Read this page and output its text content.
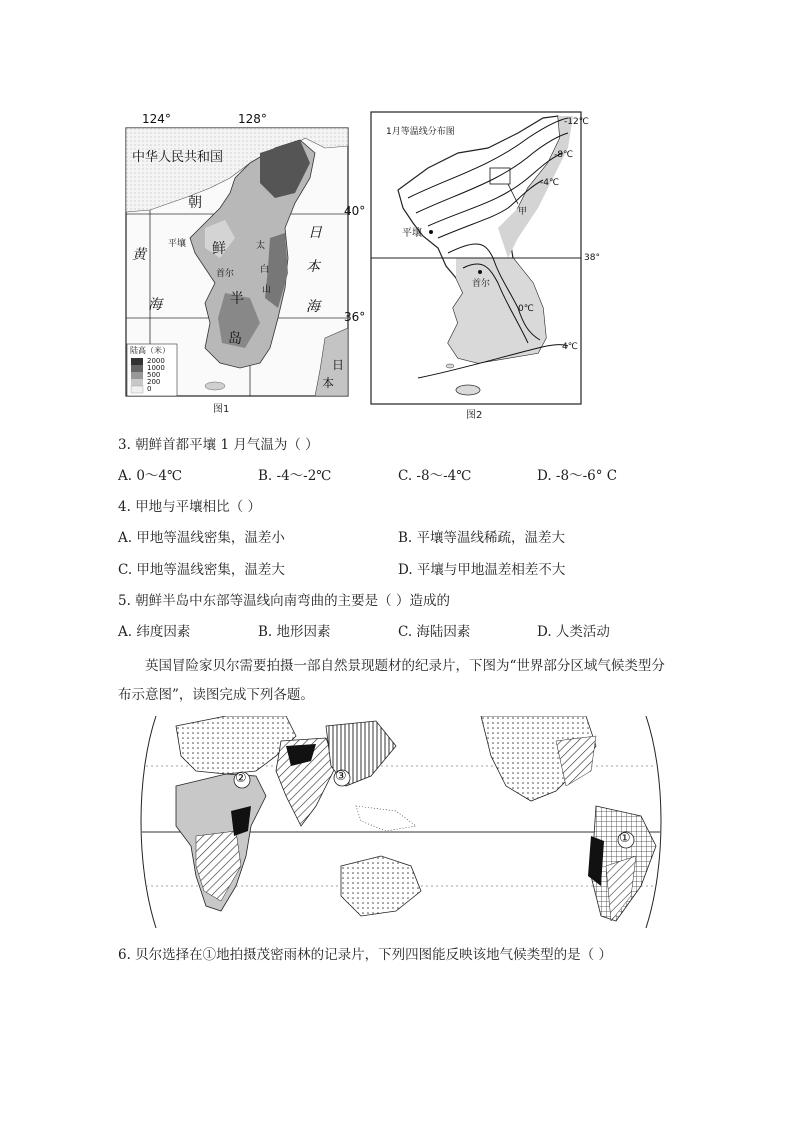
124°	128°
40°
36°
中华人民共和国
朝
鲜
半
岛
黄
海
日
本
海
日
本
平壤
首尔
太
白
山
陆高（米）
2000
1000
500
200
0
图1
1月等温线分布图
-12℃
-8℃
-4℃
0℃
4℃
38°
平壤
首尔
甲
图2
3. 朝鲜首都平壤 1 月气温为（ ）
A. 0～4℃	B. -4～-2℃	C. -8～-4℃	D. -8～-6° C
4. 甲地与平壤相比（ ）
A. 甲地等温线密集，温差小	B. 平壤等温线稀疏，温差大
C. 甲地等温线密集，温差大	D. 平壤与甲地温差相差不大
5. 朝鲜半岛中东部等温线向南弯曲的主要是（ ）造成的
A. 纬度因素	B. 地形因素	C. 海陆因素	D. 人类活动
英国冒险家贝尔需要拍摄一部自然景现题材的纪录片，下图为“世界部分区域气候类型分布示意图”，读图完成下列各题。
②	③
①
6. 贝尔选择在①地拍摄茂密雨林的记录片，下列四图能反映该地气候类型的是（ ）
